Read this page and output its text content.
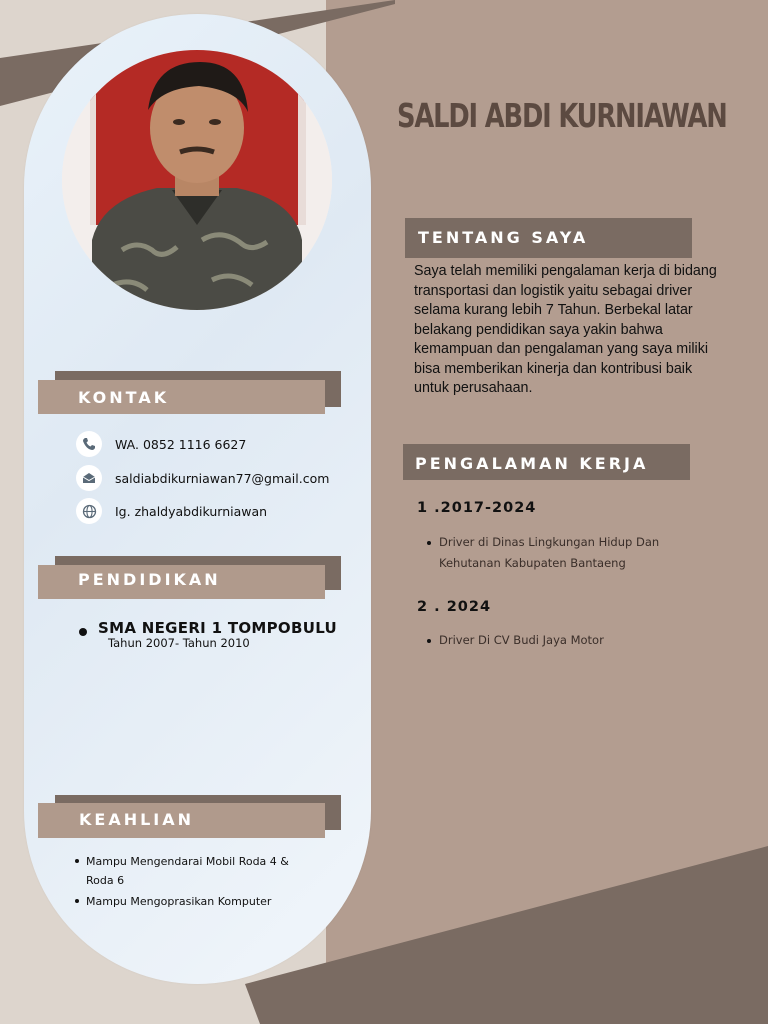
SALDI ABDI KURNIAWAN
TENTANG SAYA
Saya telah memiliki pengalaman kerja di bidang transportasi dan logistik yaitu sebagai driver selama kurang lebih 7 Tahun. Berbekal latar belakang pendidikan saya yakin bahwa kemampuan dan pengalaman yang saya miliki bisa memberikan kinerja dan kontribusi baik untuk perusahaan.
KONTAK
WA. 0852 1116 6627
saldiabdikurniawan77@gmail.com
Ig. zhaldyabdikurniawan
PENDIDIKAN
SMA NEGERI 1 TOMPOBULU
Tahun 2007- Tahun 2010
KEAHLIAN
Mampu Mengendarai Mobil Roda 4 & Roda 6
Mampu Mengoprasikan Komputer
PENGALAMAN KERJA
1 .2017-2024
Driver di Dinas Lingkungan Hidup Dan Kehutanan Kabupaten Bantaeng
2 . 2024
Driver Di CV Budi Jaya Motor
